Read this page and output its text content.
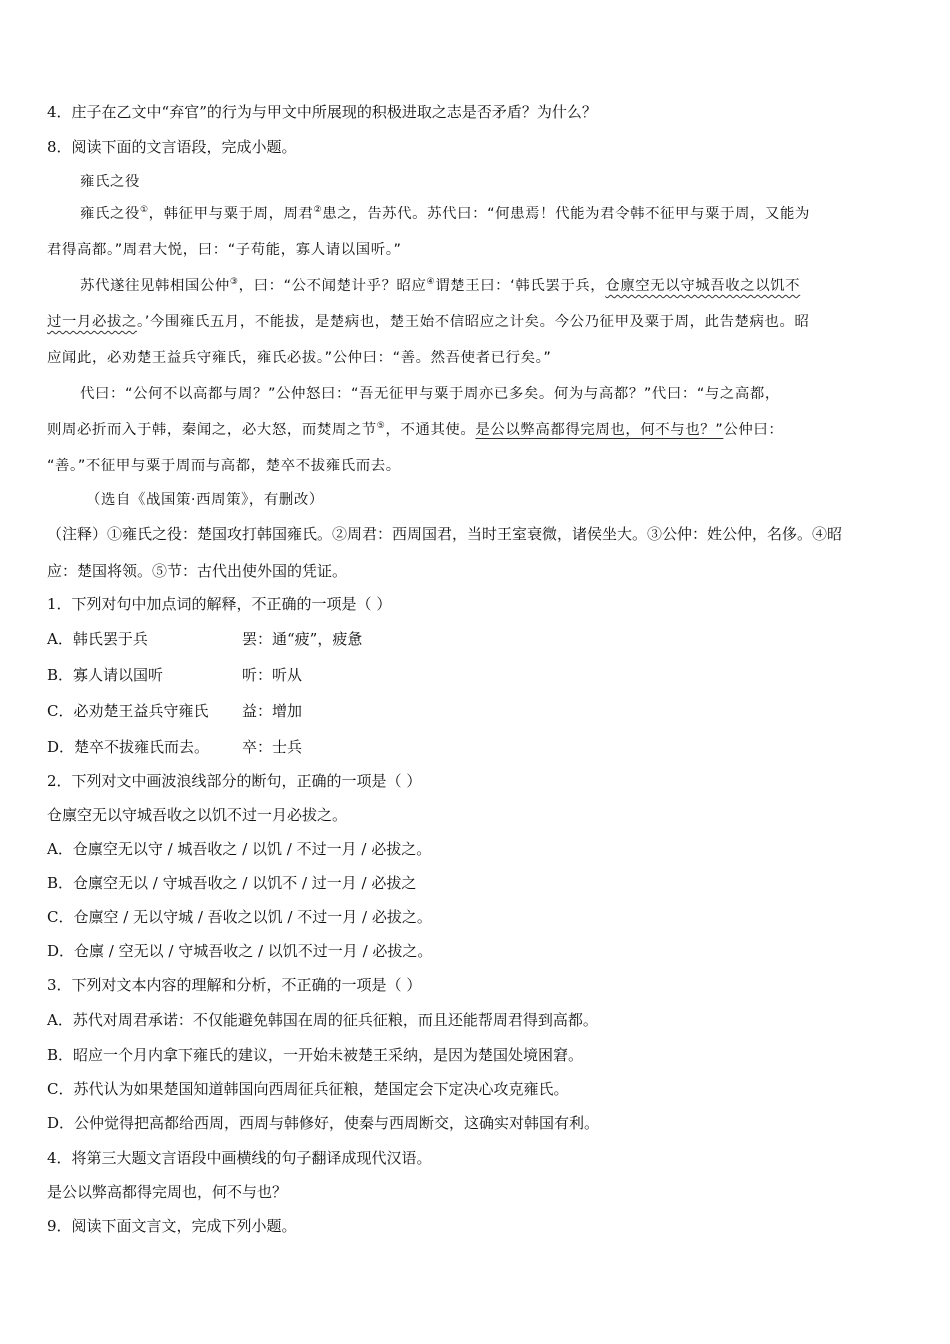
4．庄子在乙文中“弃官”的行为与甲文中所展现的积极进取之志是否矛盾？为什么？
8．阅读下面的文言语段，完成小题。
雍氏之役
雍氏之役①，韩征甲与粟于周，周君②患之，告苏代。苏代曰：“何患焉！代能为君令韩不征甲与粟于周，又能为
君得高都。”周君大悦，曰：“子苟能，寡人请以国听。”
苏代遂往见韩相国公仲③，曰：“公不闻楚计乎？昭应④谓楚王曰：‘韩氏罢于兵，仓廪空无以守城吾收之以饥不
过一月必拔之。’今围雍氏五月，不能拔，是楚病也，楚王始不信昭应之计矣。今公乃征甲及粟于周，此告楚病也。昭
应闻此，必劝楚王益兵守雍氏，雍氏必拔。”公仲曰：“善。然吾使者已行矣。”
代曰：“公何不以高都与周？”公仲怒曰：“吾无征甲与粟于周亦已多矣。何为与高都？”代曰：“与之高都，
则周必折而入于韩，秦闻之，必大怒，而焚周之节⑤，不通其使。是公以弊高都得完周也，何不与也？”公仲曰：
“善。”不征甲与粟于周而与高都，楚卒不拔雍氏而去。
（选自《战国策·西周策》，有删改）
（注释）①雍氏之役：楚国攻打韩国雍氏。②周君：西周国君，当时王室衰微，诸侯坐大。③公仲：姓公仲，名侈。④昭
应：楚国将领。⑤节：古代出使外国的凭证。
1．下列对句中加点词的解释，不正确的一项是（ ）
A．韩氏罢于兵	罢：通“疲”，疲惫
B．寡人请以国听	听：听从
C．必劝楚王益兵守雍氏 益：增加
D．楚卒不拔雍氏而去。 卒：士兵
2．下列对文中画波浪线部分的断句，正确的一项是（ ）
仓廪空无以守城吾收之以饥不过一月必拔之。
A．仓廪空无以守 / 城吾收之 / 以饥 / 不过一月 / 必拔之。
B．仓廪空无以 / 守城吾收之 / 以饥不 / 过一月 / 必拔之
C．仓廪空 / 无以守城 / 吾收之以饥 / 不过一月 / 必拔之。
D．仓廪 / 空无以 / 守城吾收之 / 以饥不过一月 / 必拔之。
3．下列对文本内容的理解和分析，不正确的一项是（ ）
A．苏代对周君承诺：不仅能避免韩国在周的征兵征粮，而且还能帮周君得到高都。
B．昭应一个月内拿下雍氏的建议，一开始未被楚王采纳，是因为楚国处境困窘。
C．苏代认为如果楚国知道韩国向西周征兵征粮，楚国定会下定决心攻克雍氏。
D．公仲觉得把高都给西周，西周与韩修好，使秦与西周断交，这确实对韩国有利。
4．将第三大题文言语段中画横线的句子翻译成现代汉语。
是公以弊高都得完周也，何不与也？
9．阅读下面文言文，完成下列小题。
